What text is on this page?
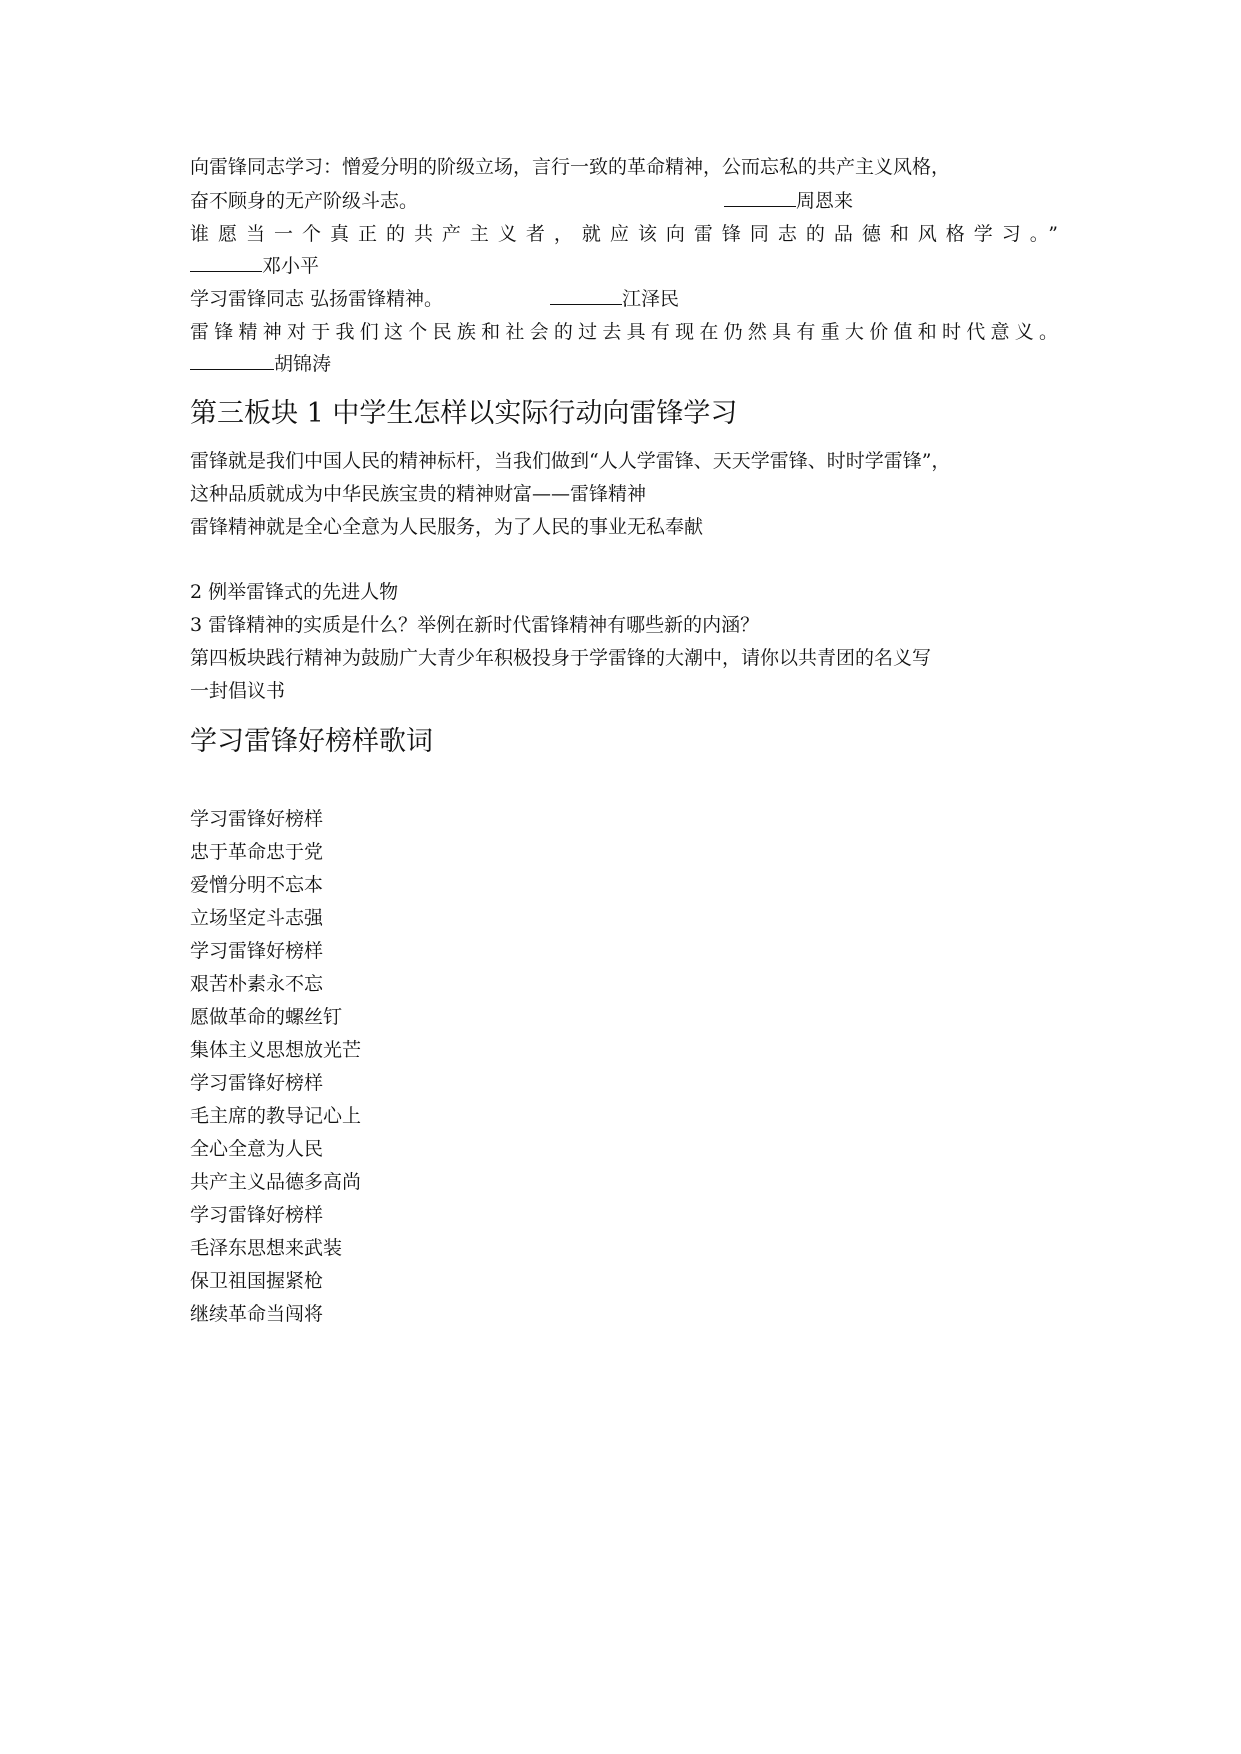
向雷锋同志学习：憎爱分明的阶级立场，言行一致的革命精神，公而忘私的共产主义风格，
奋不顾身的无产阶级斗志。	周恩来
谁愿当一个真正的共产主义者，就应该向雷锋同志的品德和风格学习。”
邓小平
学习雷锋同志 弘扬雷锋精神。	江泽民
雷锋精神对于我们这个民族和社会的过去具有现在仍然具有重大价值和时代意义。
胡锦涛
第三板块 1 中学生怎样以实际行动向雷锋学习
雷锋就是我们中国人民的精神标杆，当我们做到“人人学雷锋、天天学雷锋、时时学雷锋”，
这种品质就成为中华民族宝贵的精神财富——雷锋精神
雷锋精神就是全心全意为人民服务，为了人民的事业无私奉献
2 例举雷锋式的先进人物
3 雷锋精神的实质是什么？举例在新时代雷锋精神有哪些新的内涵？
第四板块践行精神为鼓励广大青少年积极投身于学雷锋的大潮中，请你以共青团的名义写
一封倡议书
学习雷锋好榜样歌词
学习雷锋好榜样
忠于革命忠于党
爱憎分明不忘本
立场坚定斗志强
学习雷锋好榜样
艰苦朴素永不忘
愿做革命的螺丝钉
集体主义思想放光芒
学习雷锋好榜样
毛主席的教导记心上
全心全意为人民
共产主义品德多高尚
学习雷锋好榜样
毛泽东思想来武装
保卫祖国握紧枪
继续革命当闯将
